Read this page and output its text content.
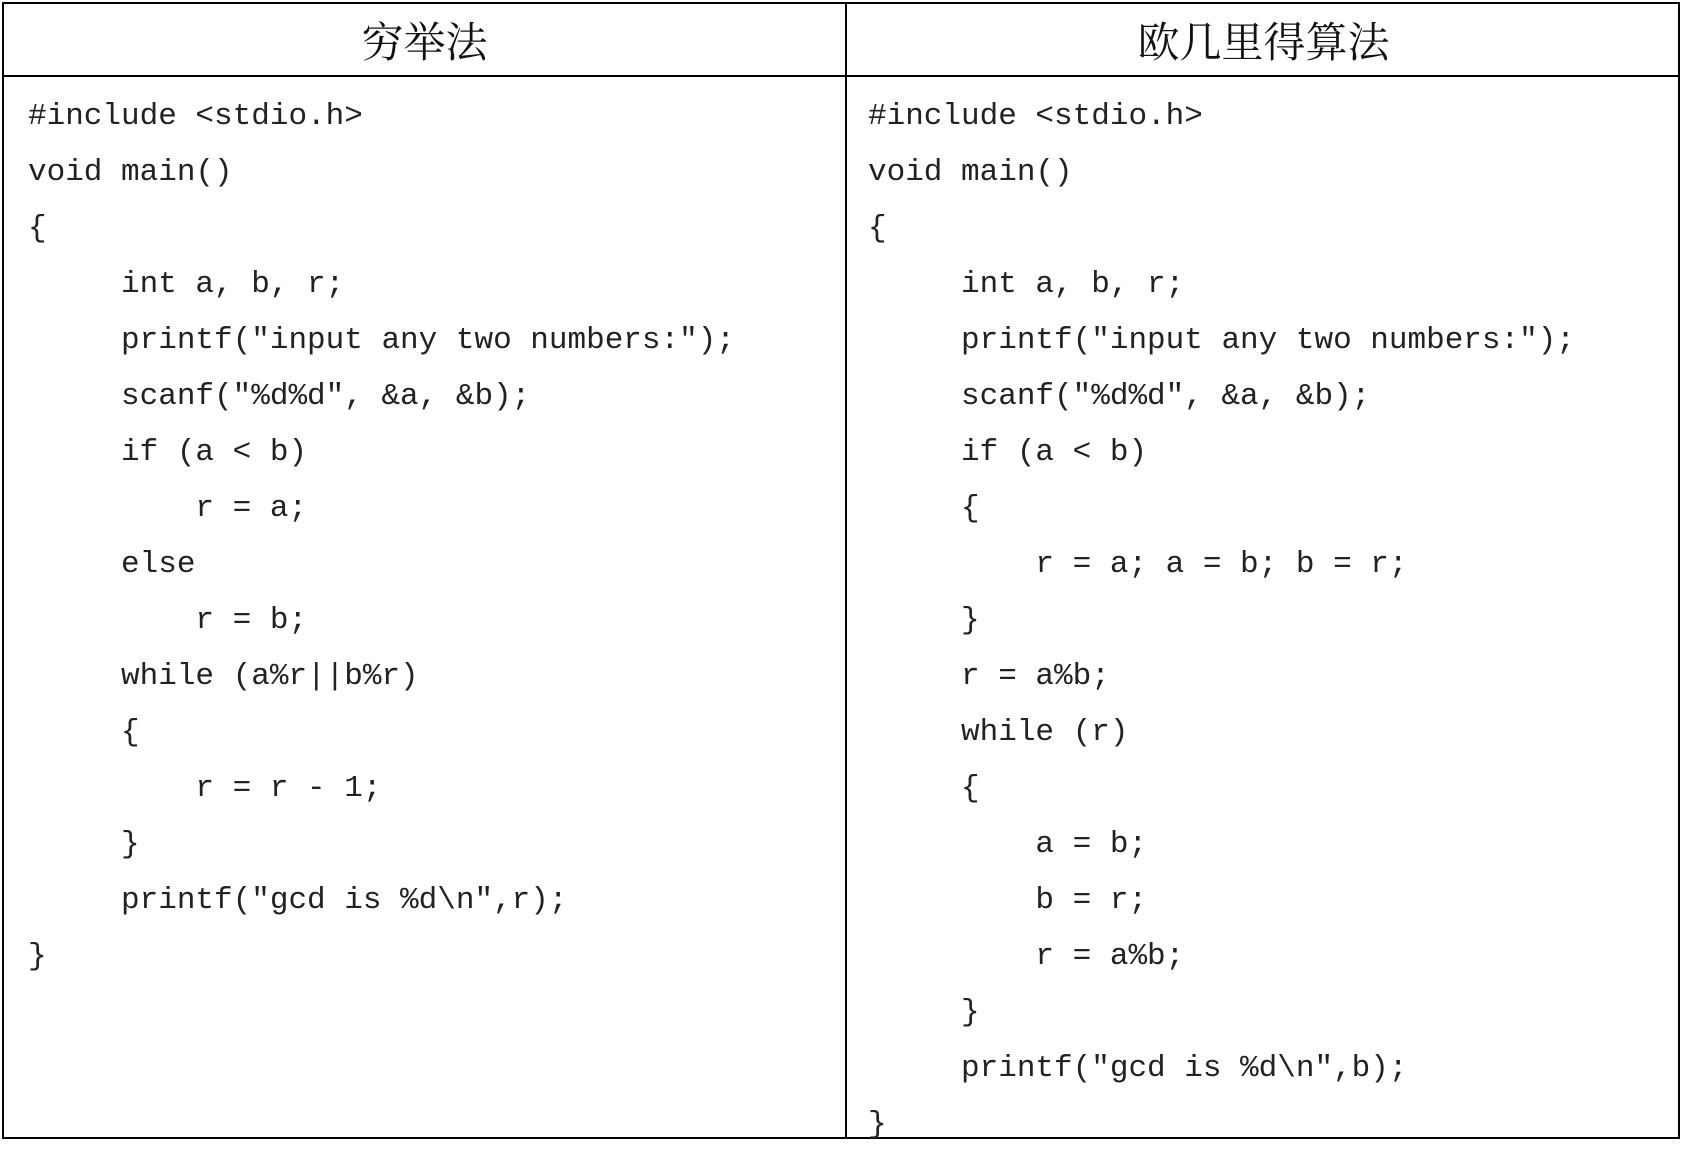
穷举法	欧几里得算法
#include <stdio.h>
void main()
{
int a, b, r;
printf("input any two numbers:");
scanf("%d%d", &a, &b);
if (a < b)
r = a;
else
r = b;
while (a%r||b%r)
{
r = r - 1;
}
printf("gcd is %d\n",r);
}
#include <stdio.h>
void main()
{
int a, b, r;
printf("input any two numbers:");
scanf("%d%d", &a, &b);
if (a < b)
{
r = a; a = b; b = r;
}
r = a%b;
while (r)
{
a = b;
b = r;
r = a%b;
}
printf("gcd is %d\n",b);
}
